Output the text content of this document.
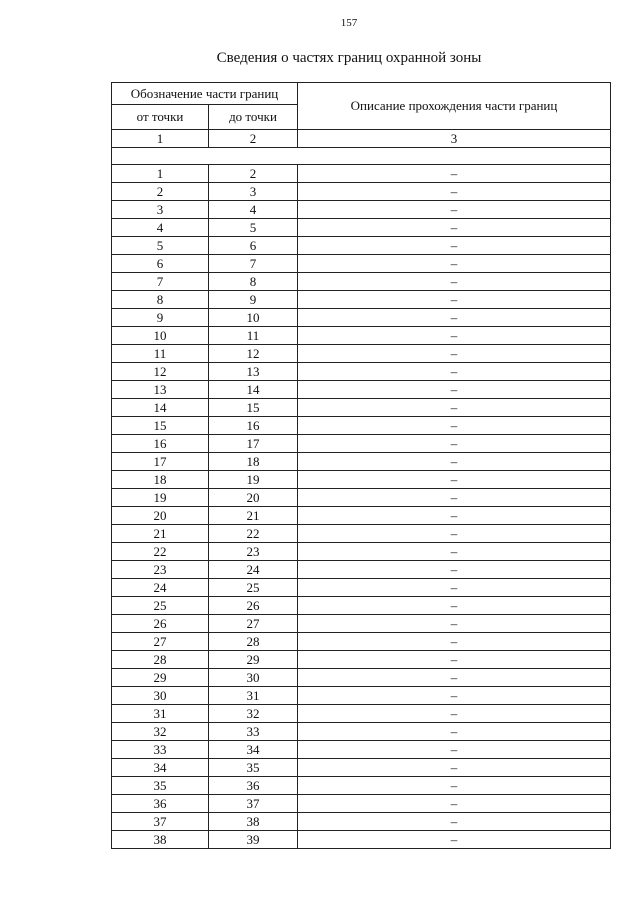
157
Сведения о частях границ охранной зоны
Обозначение части границ		Описание прохождения части границ
от точки	до точки	
1	2	3

1	2	–
2	3	–
3	4	–
4	5	–
5	6	–
6	7	–
7	8	–
8	9	–
9	10	–
10	11	–
11	12	–
12	13	–
13	14	–
14	15	–
15	16	–
16	17	–
17	18	–
18	19	–
19	20	–
20	21	–
21	22	–
22	23	–
23	24	–
24	25	–
25	26	–
26	27	–
27	28	–
28	29	–
29	30	–
30	31	–
31	32	–
32	33	–
33	34	–
34	35	–
35	36	–
36	37	–
37	38	–
38	39	–
